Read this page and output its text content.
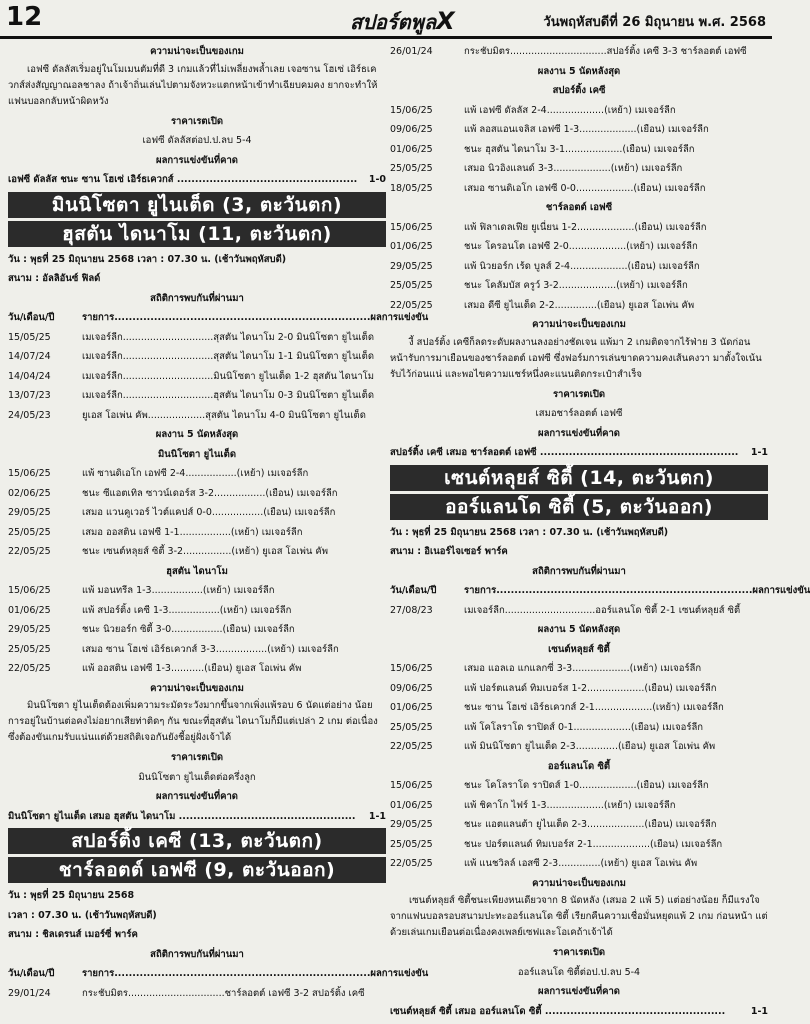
12	สปอร์ตพูลX	วันพฤหัสบดีที่ 26 มิถุนายน พ.ศ. 2568

ความน่าจะเป็นของเกม

เอฟซี ดัลลัสเริ่มอยู่ในโมเมนตัมที่ดี 3 เกมแล้วที่ไม่เพลี่ยงพล้ำเลย เจอซาน โฮเซ่ เอิร์ธเควกส์ส่งสัญญาณอลชาลง ถ้าเจ้าถิ่นเล่นไปตามจังหวะแตกหน้าเข้าทำเฉียบคมคง ยากจะทำให้แฟนบอลกลับหน้าผิดหวัง

ราคาเรตเปิด

เอฟซี ดัลลัสต่อป.ป.ลบ 5-4

ผลการแข่งขันที่คาด

เอฟซี ดัลลัส ชนะ ซาน โฮเซ่ เอิร์ธเควกส์ ..................................................	1-0
มินนิโซตา ยูไนเต็ด (3, ตะวันตก)
ฮุสตัน ไดนาโม (11, ตะวันตก)
วัน : พุธที่ 25 มิถุนายน 2568 เวลา : 07.30 น. (เช้าวันพฤหัสบดี)
สนาม : อัลลิอันซ์ ฟิลด์

สถิติการพบกันที่ผ่านมา

วัน/เดือน/ปี	รายการ.......................................................................ผลการแข่งขัน
15/05/25	เมเจอร์ลีก..............................สุสตัน ไดนาโม 2-0 มินนิโซตา ยูไนเต็ด
14/07/24	เมเจอร์ลีก..............................สุสตัน ไดนาโม 1-1 มินนิโซตา ยูไนเต็ด
14/04/24	เมเจอร์ลีก..............................มินนิโซตา ยูไนเต็ด 1-2 ฮุสตัน ไดนาโม
13/07/23	เมเจอร์ลีก..............................ฮุสตัน ไดนาโม 0-3 มินนิโซตา ยูไนเต็ด
24/05/23	ยูเอส โอเพ่น คัพ...................สุสตัน ไดนาโม 4-0 มินนิโซตา ยูไนเต็ด

ผลงาน 5 นัดหลังสุด

มินนิโซตา ยูไนเต็ด

15/06/25	แพ้ ซานดิเอโก เอฟซี 2-4.................(เหย้า) เมเจอร์ลีก
02/06/25	ชนะ ซีแอตเทิล ซาวน์เดอร์ส 3-2.................(เยือน) เมเจอร์ลีก
29/05/25	เสมอ แวนคูเวอร์ ไวต์แคปส์ 0-0.................(เยือน) เมเจอร์ลีก
25/05/25	เสมอ ออสติน เอฟซี 1-1.................(เหย้า) เมเจอร์ลีก
22/05/25	ชนะ เซนต์หลุยส์ ซิตี้ 3-2................(เหย้า) ยูเอส โอเพ่น คัพ

ฮุสตัน ไดนาโม

15/06/25	แพ้ มอนทรีล 1-3.................(เหย้า) เมเจอร์ลีก
01/06/25	แพ้ สปอร์ติ้ง เคซี 1-3.................(เหย้า) เมเจอร์ลีก
29/05/25	ชนะ นิวยอร์ก ซิตี้ 3-0.................(เยือน) เมเจอร์ลีก
25/05/25	เสมอ ซาน โฮเซ่ เอิร์ธเควกส์ 3-3.................(เหย้า) เมเจอร์ลีก
22/05/25	แพ้ ออสติน เอฟซี 1-3...........(เยือน) ยูเอส โอเพ่น คัพ

ความน่าจะเป็นของเกม

มินนิโซตา ยูไนเต็ดต้องเพิ่มความระมัดระวังมากขึ้นจากเพิ่งแพ้รอบ 6 นัดแต่อย่าง น้อยการอยู่ในบ้านต่อคงไม่อยากเสียท่าติดๆ กัน ขณะที่ฮุสตัน ไดนาโมก็มีแต่เปล่า 2 เกม ต่อเนื่อง ซึ่งต้องขันเกมรับแน่นแต่ด้วยสถิติเจอกันยังชี้อยู่ฝั่งเจ้าได้

ราคาเรตเปิด

มินนิโซตา ยูไนเต็ดต่อครึ่งลูก

ผลการแข่งขันที่คาด

มินนิโซตา ยูไนเต็ด เสมอ ฮุสตัน ไดนาโม .................................................	1-1
สปอร์ติ้ง เคซี (13, ตะวันตก)
ชาร์ลอตต์ เอฟซี (9, ตะวันออก)
วัน : พุธที่ 25 มิถุนายน 2568
เวลา : 07.30 น. (เช้าวันพฤหัสบดี)
สนาม : ชิลเดรนส์ เมอร์ซี่ พาร์ค

สถิติการพบกันที่ผ่านมา

วัน/เดือน/ปี	รายการ.......................................................................ผลการแข่งขัน
29/01/24	กระชับมิตร................................ชาร์ลอตต์ เอฟซี 3-2 สปอร์ติ้ง เคซี
26/01/24	กระชับมิตร................................สปอร์ติ้ง เคซี 3-3 ชาร์ลอตต์ เอฟซี

ผลงาน 5 นัดหลังสุด

สปอร์ติ้ง เคซี

15/06/25	แพ้ เอฟซี ดัลลัส 2-4...................(เหย้า) เมเจอร์ลีก
09/06/25	แพ้ ลอสแอนเจลิส เอฟซี 1-3...................(เยือน) เมเจอร์ลีก
01/06/25	ชนะ ฮุสตัน ไดนาโม 3-1...................(เยือน) เมเจอร์ลีก
25/05/25	เสมอ นิวอิงแลนด์ 3-3...................(เหย้า) เมเจอร์ลีก
18/05/25	เสมอ ซานดิเอโก เอฟซี 0-0...................(เยือน) เมเจอร์ลีก

ชาร์ลอตต์ เอฟซี

15/06/25	แพ้ ฟิลาเดลเฟีย ยูเนี่ยน 1-2...................(เยือน) เมเจอร์ลีก
01/06/25	ชนะ โครอนโต เอฟซี 2-0...................(เหย้า) เมเจอร์ลีก
29/05/25	แพ้ นิวยอร์ก เร้ด บูลส์ 2-4...................(เยือน) เมเจอร์ลีก
25/05/25	ชนะ โคลัมบัส ครูว์ 3-2...................(เหย้า) เมเจอร์ลีก
22/05/25	เสมอ ดีซี ยูไนเต็ด 2-2..............(เยือน) ยูเอส โอเพ่น คัพ

ความน่าจะเป็นของเกม

งี้ สปอร์ติ้ง เคซีก็ลดระดับผลงานลงอย่างชัดเจน แพ้มา 2 เกมติดจากไร้ฟ่าย 3 นัดก่อนหน้ารับการมาเยือนของชาร์ลอตต์ เอฟซี ซึ่งฟอร์มการเล่นขาดความคงเส้นคงวา มาตั้งใจเน้นรับไว้ก่อนแน่ และพอไขความแชร์หนึ่งคะแนนติดกระเป๋าสำเร็จ

ราคาเรตเปิด

เสมอชาร์ลอตต์ เอฟซี

ผลการแข่งขันที่คาด

สปอร์ติ้ง เคซี เสมอ ชาร์ลอตต์ เอฟซี .......................................................	1-1
เซนต์หลุยส์ ซิตี้ (14, ตะวันตก)
ออร์แลนโด ซิตี้ (5, ตะวันออก)
วัน : พุธที่ 25 มิถุนายน 2568 เวลา : 07.30 น. (เช้าวันพฤหัสบดี)
สนาม : อิเนอร์ไจเซอร์ พาร์ค

สถิติการพบกันที่ผ่านมา

วัน/เดือน/ปี	รายการ.......................................................................ผลการแข่งขัน
27/08/23	เมเจอร์ลีก..............................ออร์แลนโด ซิตี้ 2-1 เซนต์หลุยส์ ซิตี้

ผลงาน 5 นัดหลังสุด

เซนต์หลุยส์ ซิตี้

15/06/25	เสมอ แอลเอ แกแลกซี่ 3-3...................(เหย้า) เมเจอร์ลีก
09/06/25	แพ้ ปอร์ตแลนด์ ทิมเบอร์ส 1-2...................(เยือน) เมเจอร์ลีก
01/06/25	ชนะ ซาน โฮเซ่ เอิร์ธเควกส์ 2-1...................(เหย้า) เมเจอร์ลีก
25/05/25	แพ้ โคโลราโด ราปิดส์ 0-1...................(เยือน) เมเจอร์ลีก
22/05/25	แพ้ มินนิโซตา ยูไนเต็ด 2-3..............(เยือน) ยูเอส โอเพ่น คัพ

ออร์แลนโด ซิตี้

15/06/25	ชนะ โคโลราโด ราปิดส์ 1-0...................(เยือน) เมเจอร์ลีก
01/06/25	แพ้ ชิคาโก ไฟร์ 1-3...................(เหย้า) เมเจอร์ลีก
29/05/25	ชนะ แอตแลนต้า ยูไนเต็ด 2-3...................(เยือน) เมเจอร์ลีก
25/05/25	ชนะ ปอร์ตแลนด์ ทิมเบอร์ส 2-1...................(เยือน) เมเจอร์ลีก
22/05/25	แพ้ แนชวิลล์ เอสซี 2-3..............(เหย้า) ยูเอส โอเพ่น คัพ

ความน่าจะเป็นของเกม

เซนต์หลุยส์ ซิตี้ชนะเพียงหนเดียวจาก 8 นัดหลัง (เสมอ 2 แพ้ 5) แต่อย่างน้อย ก็มีแรงใจจากแฟนบอลรอบสนามปะทะออร์แลนโด ซิตี้ เรียกคืนความเชื่อมั่นหยุดแพ้ 2 เกม ก่อนหน้า แต่ด้วยเล่นเกมเยือนต่อเนื่องคงเพลย์เซฟและโอเคถ้าเจ้าได้

ราคาเรตเปิด

ออร์แลนโด ซิตี้ต่อป.ป.ลบ 5-4

ผลการแข่งขันที่คาด

เซนต์หลุยส์ ซิตี้ เสมอ ออร์แลนโด ซิตี้ ..................................................	1-1
